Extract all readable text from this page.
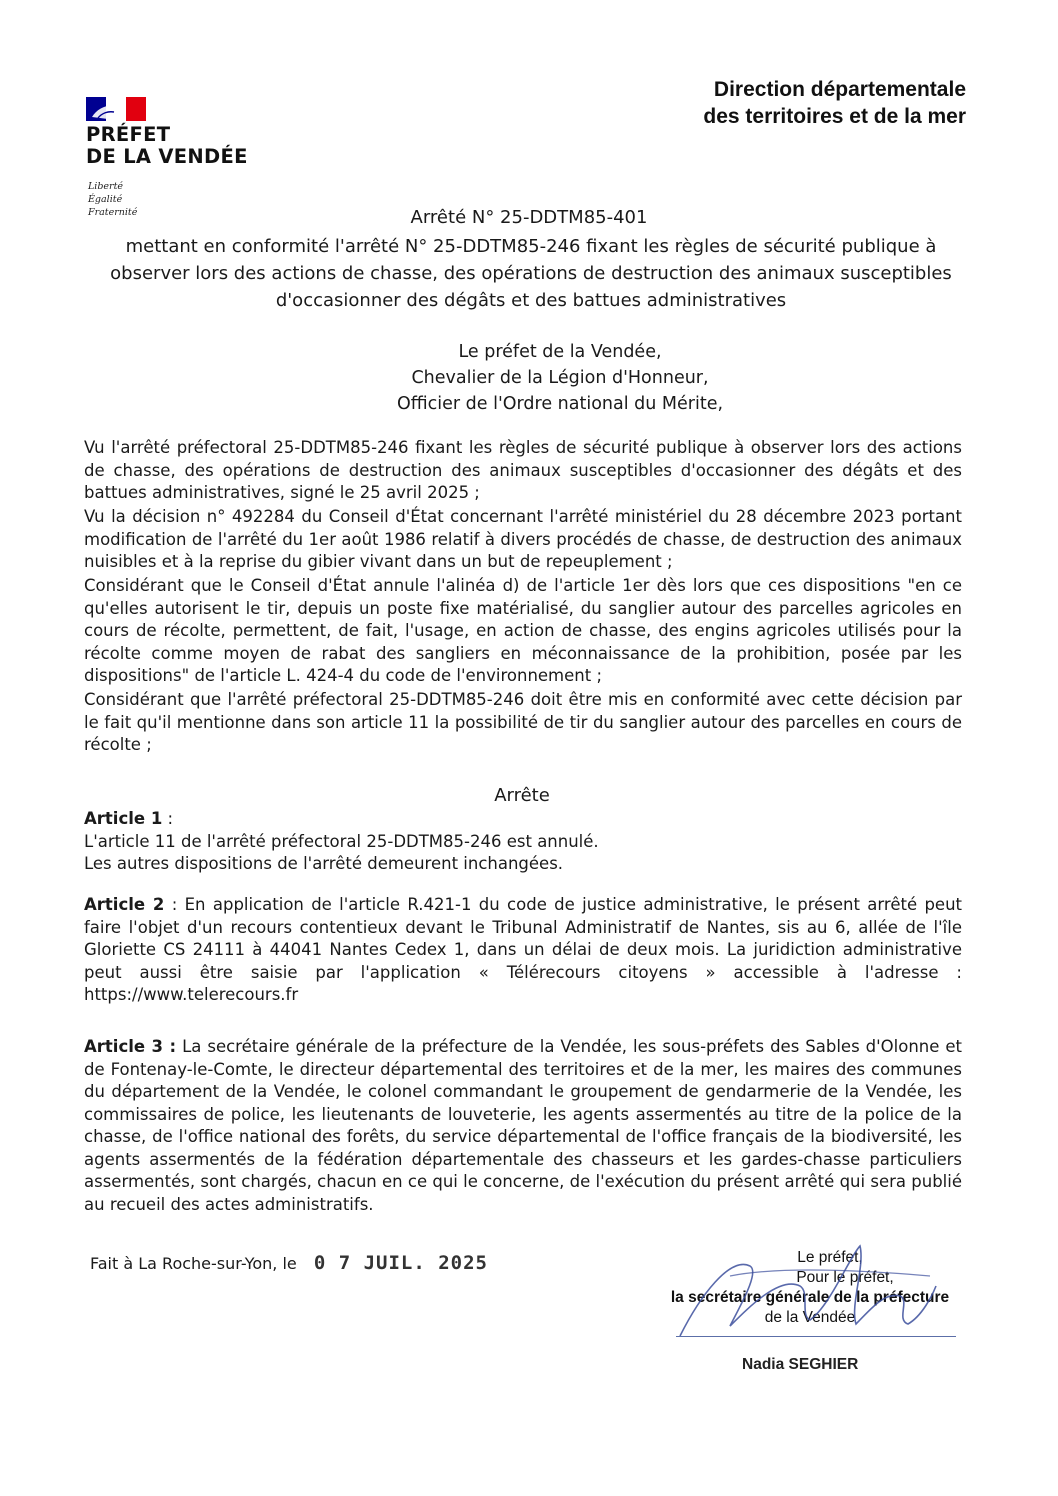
PRÉFET
DE LA VENDÉE
Liberté
Égalité
Fraternité
Direction départementale
des territoires et de la mer
Arrêté N° 25-DDTM85-401
mettant en conformité l'arrêté N° 25-DDTM85-246 fixant les règles de sécurité publique à observer lors des actions de chasse, des opérations de destruction des animaux susceptibles d'occasionner des dégâts et des battues administratives
Le préfet de la Vendée,
Chevalier de la Légion d'Honneur,
Officier de l'Ordre national du Mérite,
Vu l'arrêté préfectoral 25-DDTM85-246 fixant les règles de sécurité publique à observer lors des actions de chasse, des opérations de destruction des animaux susceptibles d'occasionner des dégâts et des battues administratives, signé le 25 avril 2025 ;
Vu la décision n° 492284 du Conseil d'État concernant l'arrêté ministériel du 28 décembre 2023 portant modification de l'arrêté du 1er août 1986 relatif à divers procédés de chasse, de destruction des animaux nuisibles et à la reprise du gibier vivant dans un but de repeuplement ;
Considérant que le Conseil d'État annule l'alinéa d) de l'article 1er dès lors que ces dispositions "en ce qu'elles autorisent le tir, depuis un poste fixe matérialisé, du sanglier autour des parcelles agricoles en cours de récolte, permettent, de fait, l'usage, en action de chasse, des engins agricoles utilisés pour la récolte comme moyen de rabat des sangliers en méconnaissance de la prohibition, posée par les dispositions" de l'article L. 424-4 du code de l'environnement ;
Considérant que l'arrêté préfectoral 25-DDTM85-246 doit être mis en conformité avec cette décision par le fait qu'il mentionne dans son article 11 la possibilité de tir du sanglier autour des parcelles en cours de récolte ;
Arrête
Article 1 :
L'article 11 de l'arrêté préfectoral 25-DDTM85-246 est annulé.
Les autres dispositions de l'arrêté demeurent inchangées.
Article 2 : En application de l'article R.421-1 du code de justice administrative, le présent arrêté peut faire l'objet d'un recours contentieux devant le Tribunal Administratif de Nantes, sis au 6, allée de l'île Gloriette CS 24111 à 44041 Nantes Cedex 1, dans un délai de deux mois. La juridiction administrative peut aussi être saisie par l'application « Télérecours citoyens » accessible à l'adresse : https://www.telerecours.fr
Article 3 : La secrétaire générale de la préfecture de la Vendée, les sous-préfets des Sables d'Olonne et de Fontenay-le-Comte, le directeur départemental des territoires et de la mer, les maires des communes du département de la Vendée, le colonel commandant le groupement de gendarmerie de la Vendée, les commissaires de police, les lieutenants de louveterie, les agents assermentés au titre de la police de la chasse, de l'office national des forêts, du service départemental de l'office français de la biodiversité, les agents assermentés de la fédération départementale des chasseurs et les gardes-chasse particuliers assermentés, sont chargés, chacun en ce qui le concerne, de l'exécution du présent arrêté qui sera publié au recueil des actes administratifs.
Fait à La Roche-sur-Yon, le 0 7 JUIL. 2025	Le préfet,
Pour le préfet,
la secrétaire générale de la préfecture
de la Vendée
Nadia SEGHIER
